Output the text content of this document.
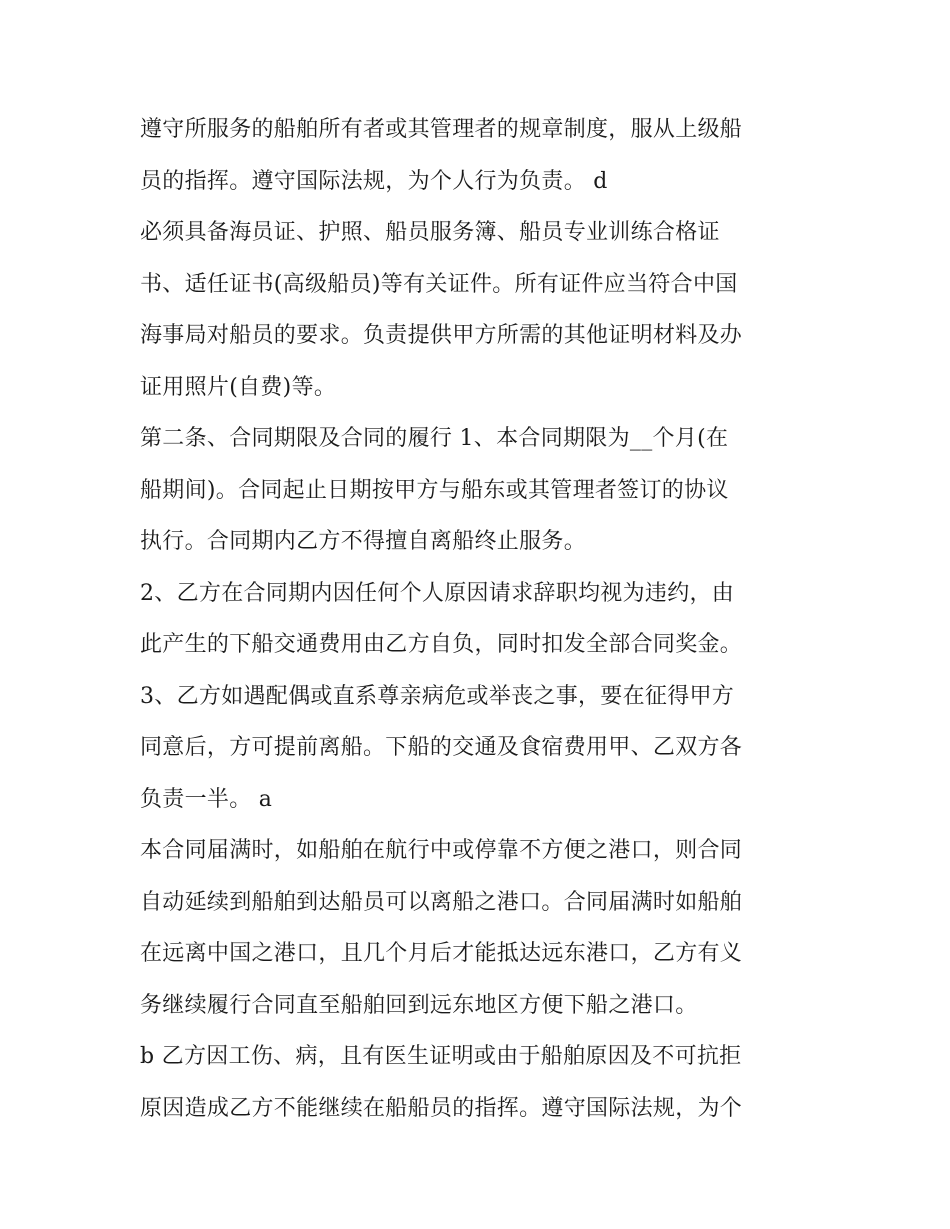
遵守所服务的船舶所有者或其管理者的规章制度，服从上级船
员的指挥。遵守国际法规，为个人行为负责。 d
必须具备海员证、护照、船员服务簿、船员专业训练合格证
书、适任证书(高级船员)等有关证件。所有证件应当符合中国
海事局对船员的要求。负责提供甲方所需的其他证明材料及办
证用照片(自费)等。
第二条、合同期限及合同的履行 1、本合同期限为__个月(在
船期间)。合同起止日期按甲方与船东或其管理者签订的协议
执行。合同期内乙方不得擅自离船终止服务。
2、乙方在合同期内因任何个人原因请求辞职均视为违约，由
此产生的下船交通费用由乙方自负，同时扣发全部合同奖金。
3、乙方如遇配偶或直系尊亲病危或举丧之事，要在征得甲方
同意后，方可提前离船。下船的交通及食宿费用甲、乙双方各
负责一半。 a
本合同届满时，如船舶在航行中或停靠不方便之港口，则合同
自动延续到船舶到达船员可以离船之港口。合同届满时如船舶
在远离中国之港口，且几个月后才能抵达远东港口，乙方有义
务继续履行合同直至船舶回到远东地区方便下船之港口。
b 乙方因工伤、病，且有医生证明或由于船舶原因及不可抗拒
原因造成乙方不能继续在船船员的指挥。遵守国际法规，为个
